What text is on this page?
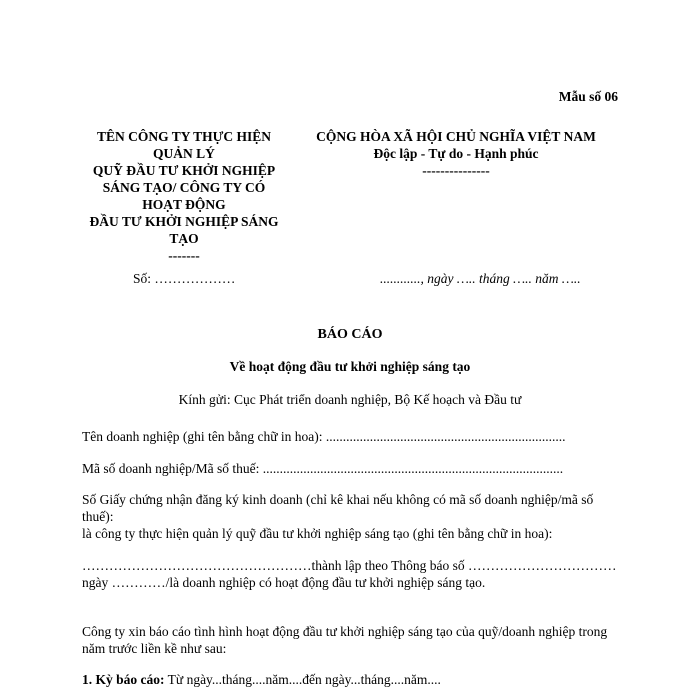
Mẫu số 06
TÊN CÔNG TY THỰC HIỆN
QUẢN LÝ
QUỸ ĐẦU TƯ KHỞI NGHIỆP
SÁNG TẠO/ CÔNG TY CÓ
HOẠT ĐỘNG
ĐẦU TƯ KHỞI NGHIỆP SÁNG
TẠO
-------
CỘNG HÒA XÃ HỘI CHỦ NGHĨA VIỆT NAM
Độc lập - Tự do - Hạnh phúc
---------------
Số: ………………	............, ngày ….. tháng ….. năm …..
BÁO CÁO
Về hoạt động đầu tư khởi nghiệp sáng tạo
Kính gửi: Cục Phát triển doanh nghiệp, Bộ Kế hoạch và Đầu tư
Tên doanh nghiệp (ghi tên bằng chữ in hoa): .......................................................................
Mã số doanh nghiệp/Mã số thuế: .........................................................................................

Số Giấy chứng nhận đăng ký kinh doanh (chỉ kê khai nếu không có mã số doanh nghiệp/mã số thuế):

là công ty thực hiện quản lý quỹ đầu tư khởi nghiệp sáng tạo (ghi tên bằng chữ in hoa):

……………………………………………thành lập theo Thông báo số …………………………… ngày …………/là doanh nghiệp có hoạt động đầu tư khởi nghiệp sáng tạo.

Công ty xin báo cáo tình hình hoạt động đầu tư khởi nghiệp sáng tạo của quỹ/doanh nghiệp trong năm trước liền kề như sau:
1. Kỳ báo cáo: Từ ngày...tháng....năm....đến ngày...tháng....năm....
